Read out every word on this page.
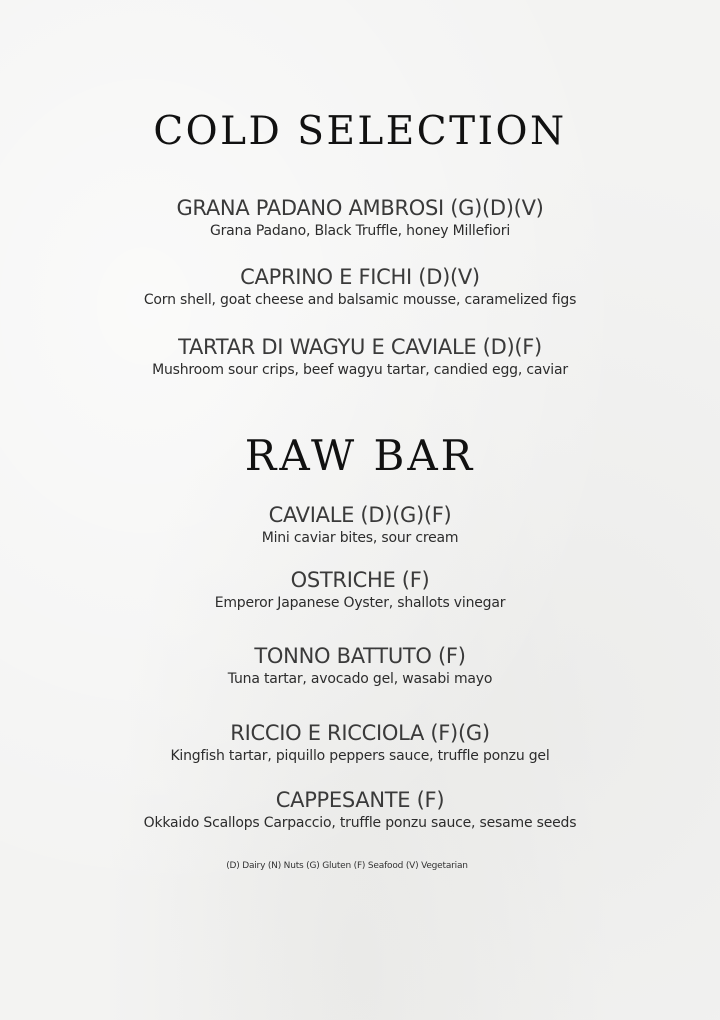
COLD SELECTION
GRANA PADANO AMBROSI (G)(D)(V)
Grana Padano, Black Truffle, honey Millefiori
CAPRINO E FICHI (D)(V)
Corn shell, goat cheese and balsamic mousse, caramelized figs
TARTAR DI WAGYU E CAVIALE (D)(F)
Mushroom sour crips, beef wagyu tartar, candied egg, caviar
RAW BAR
CAVIALE (D)(G)(F)
Mini caviar bites, sour cream
OSTRICHE (F)
Emperor Japanese Oyster, shallots vinegar
TONNO BATTUTO (F)
Tuna tartar, avocado gel, wasabi mayo
RICCIO E RICCIOLA (F)(G)
Kingfish tartar, piquillo peppers sauce, truffle ponzu gel
CAPPESANTE (F)
Okkaido Scallops Carpaccio, truffle ponzu sauce, sesame seeds
(D) Dairy (N) Nuts (G) Gluten (F) Seafood (V) Vegetarian
